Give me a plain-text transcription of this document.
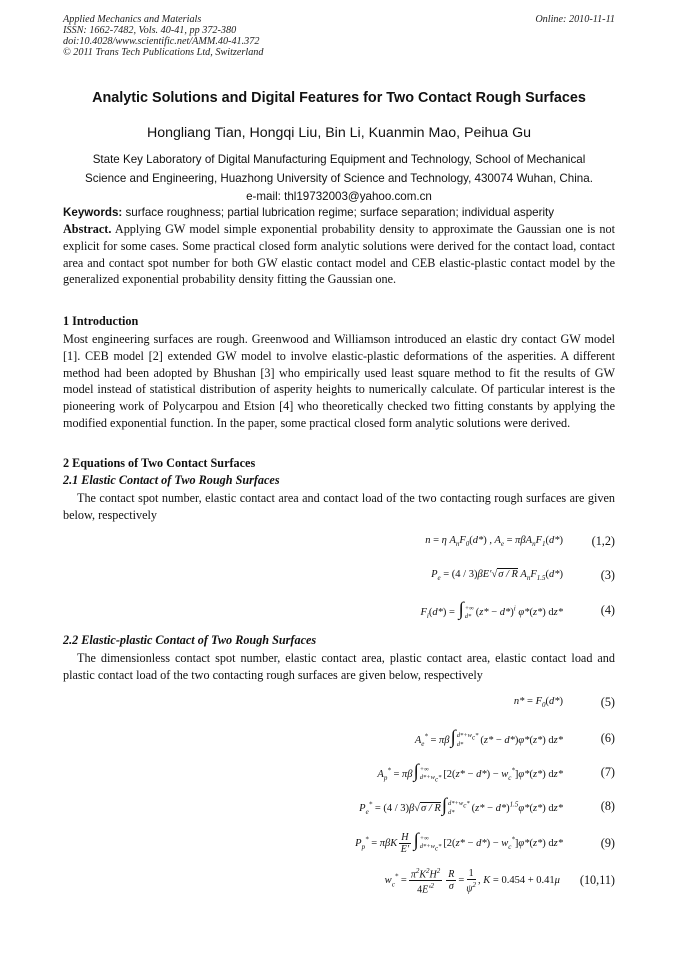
Applied Mechanics and Materials
ISSN: 1662-7482, Vols. 40-41, pp 372-380
doi:10.4028/www.scientific.net/AMM.40-41.372
© 2011 Trans Tech Publications Ltd, Switzerland
Online: 2010-11-11
Analytic Solutions and Digital Features for Two Contact Rough Surfaces
Hongliang Tian, Hongqi Liu, Bin Li, Kuanmin Mao, Peihua Gu
State Key Laboratory of Digital Manufacturing Equipment and Technology, School of Mechanical
Science and Engineering, Huazhong University of Science and Technology, 430074 Wuhan, China.
e-mail: thl19732003@yahoo.com.cn
Keywords: surface roughness; partial lubrication regime; surface separation; individual asperity

Abstract. Applying GW model simple exponential probability density to approximate the Gaussian one is not explicit for some cases. Some practical closed form analytic solutions were derived for the contact load, contact area and contact spot number for both GW elastic contact model and CEB elastic-plastic contact model by the generalized exponential probability density fitting the Gaussian one.

1 Introduction

Most engineering surfaces are rough. Greenwood and Williamson introduced an elastic dry contact GW model [1]. CEB model [2] extended GW model to involve elastic-plastic deformations of the asperities. A different method had been adopted by Bhushan [3] who empirically used least square method to fit the results of GW model instead of statistical distribution of asperity heights to numerically calculate. Of particular interest is the pioneering work of Polycarpou and Etsion [4] who theoretically checked two fitting constants by applying the modified exponential function. In the paper, some practical closed form analytic solutions were derived.

2 Equations of Two Contact Surfaces
2.1 Elastic Contact of Two Rough Surfaces

The contact spot number, elastic contact area and contact load of the two contacting rough surfaces are given below, respectively

n = η $A_nF_0(d*)$ , $A_e = \pi\beta A_nF_1(d*)$	(1,2)
$P_e = (4 / 3)\beta E'√\sigma / R$ $A_nF_{1.5}(d*)$	(3)
$F_i(d*)$ = ∫ +∞
d* $(z* - d*)^i$ φ*(z*) dz*	(4)
2.2 Elastic-plastic Contact of Two Rough Surfaces

The dimensionless contact spot number, elastic contact area, plastic contact area, elastic contact load and plastic contact load of the two contacting rough surfaces are given below, respectively

$n* = F_0(d*)$	(5)
$A_e^* = \pi\beta\int$ $d*+w_c*$
d*	(z* − d*)φ*(z*) dz*	(6)
$A_p^* = \pi\beta\int$ +∞
$d*+w_c*$ $[2(z* - d*) - w_c^*]\varphi*(z*)$ dz*	(7)
$P_e^* = (4 / 3)\beta√\sigma / R\int$ $d*+w_c*$
d*	$(z* - d*)^{1.5}\varphi*(z*)$ dz*	(8)
$P_p^* = \pi\beta K \frac{H}{E'}$ ∫ +∞
$d*+w_c*$ $[2(z* - d*) - w_c^*]\varphi*(z*)$ dz*	(9)
$w_c^* = \frac{\pi^2K^2H^2}{4E'^2} \frac{R}{\sigma} = \frac{1}{\psi^2}$ , K = 0.454 + 0.41μ (10,11)
